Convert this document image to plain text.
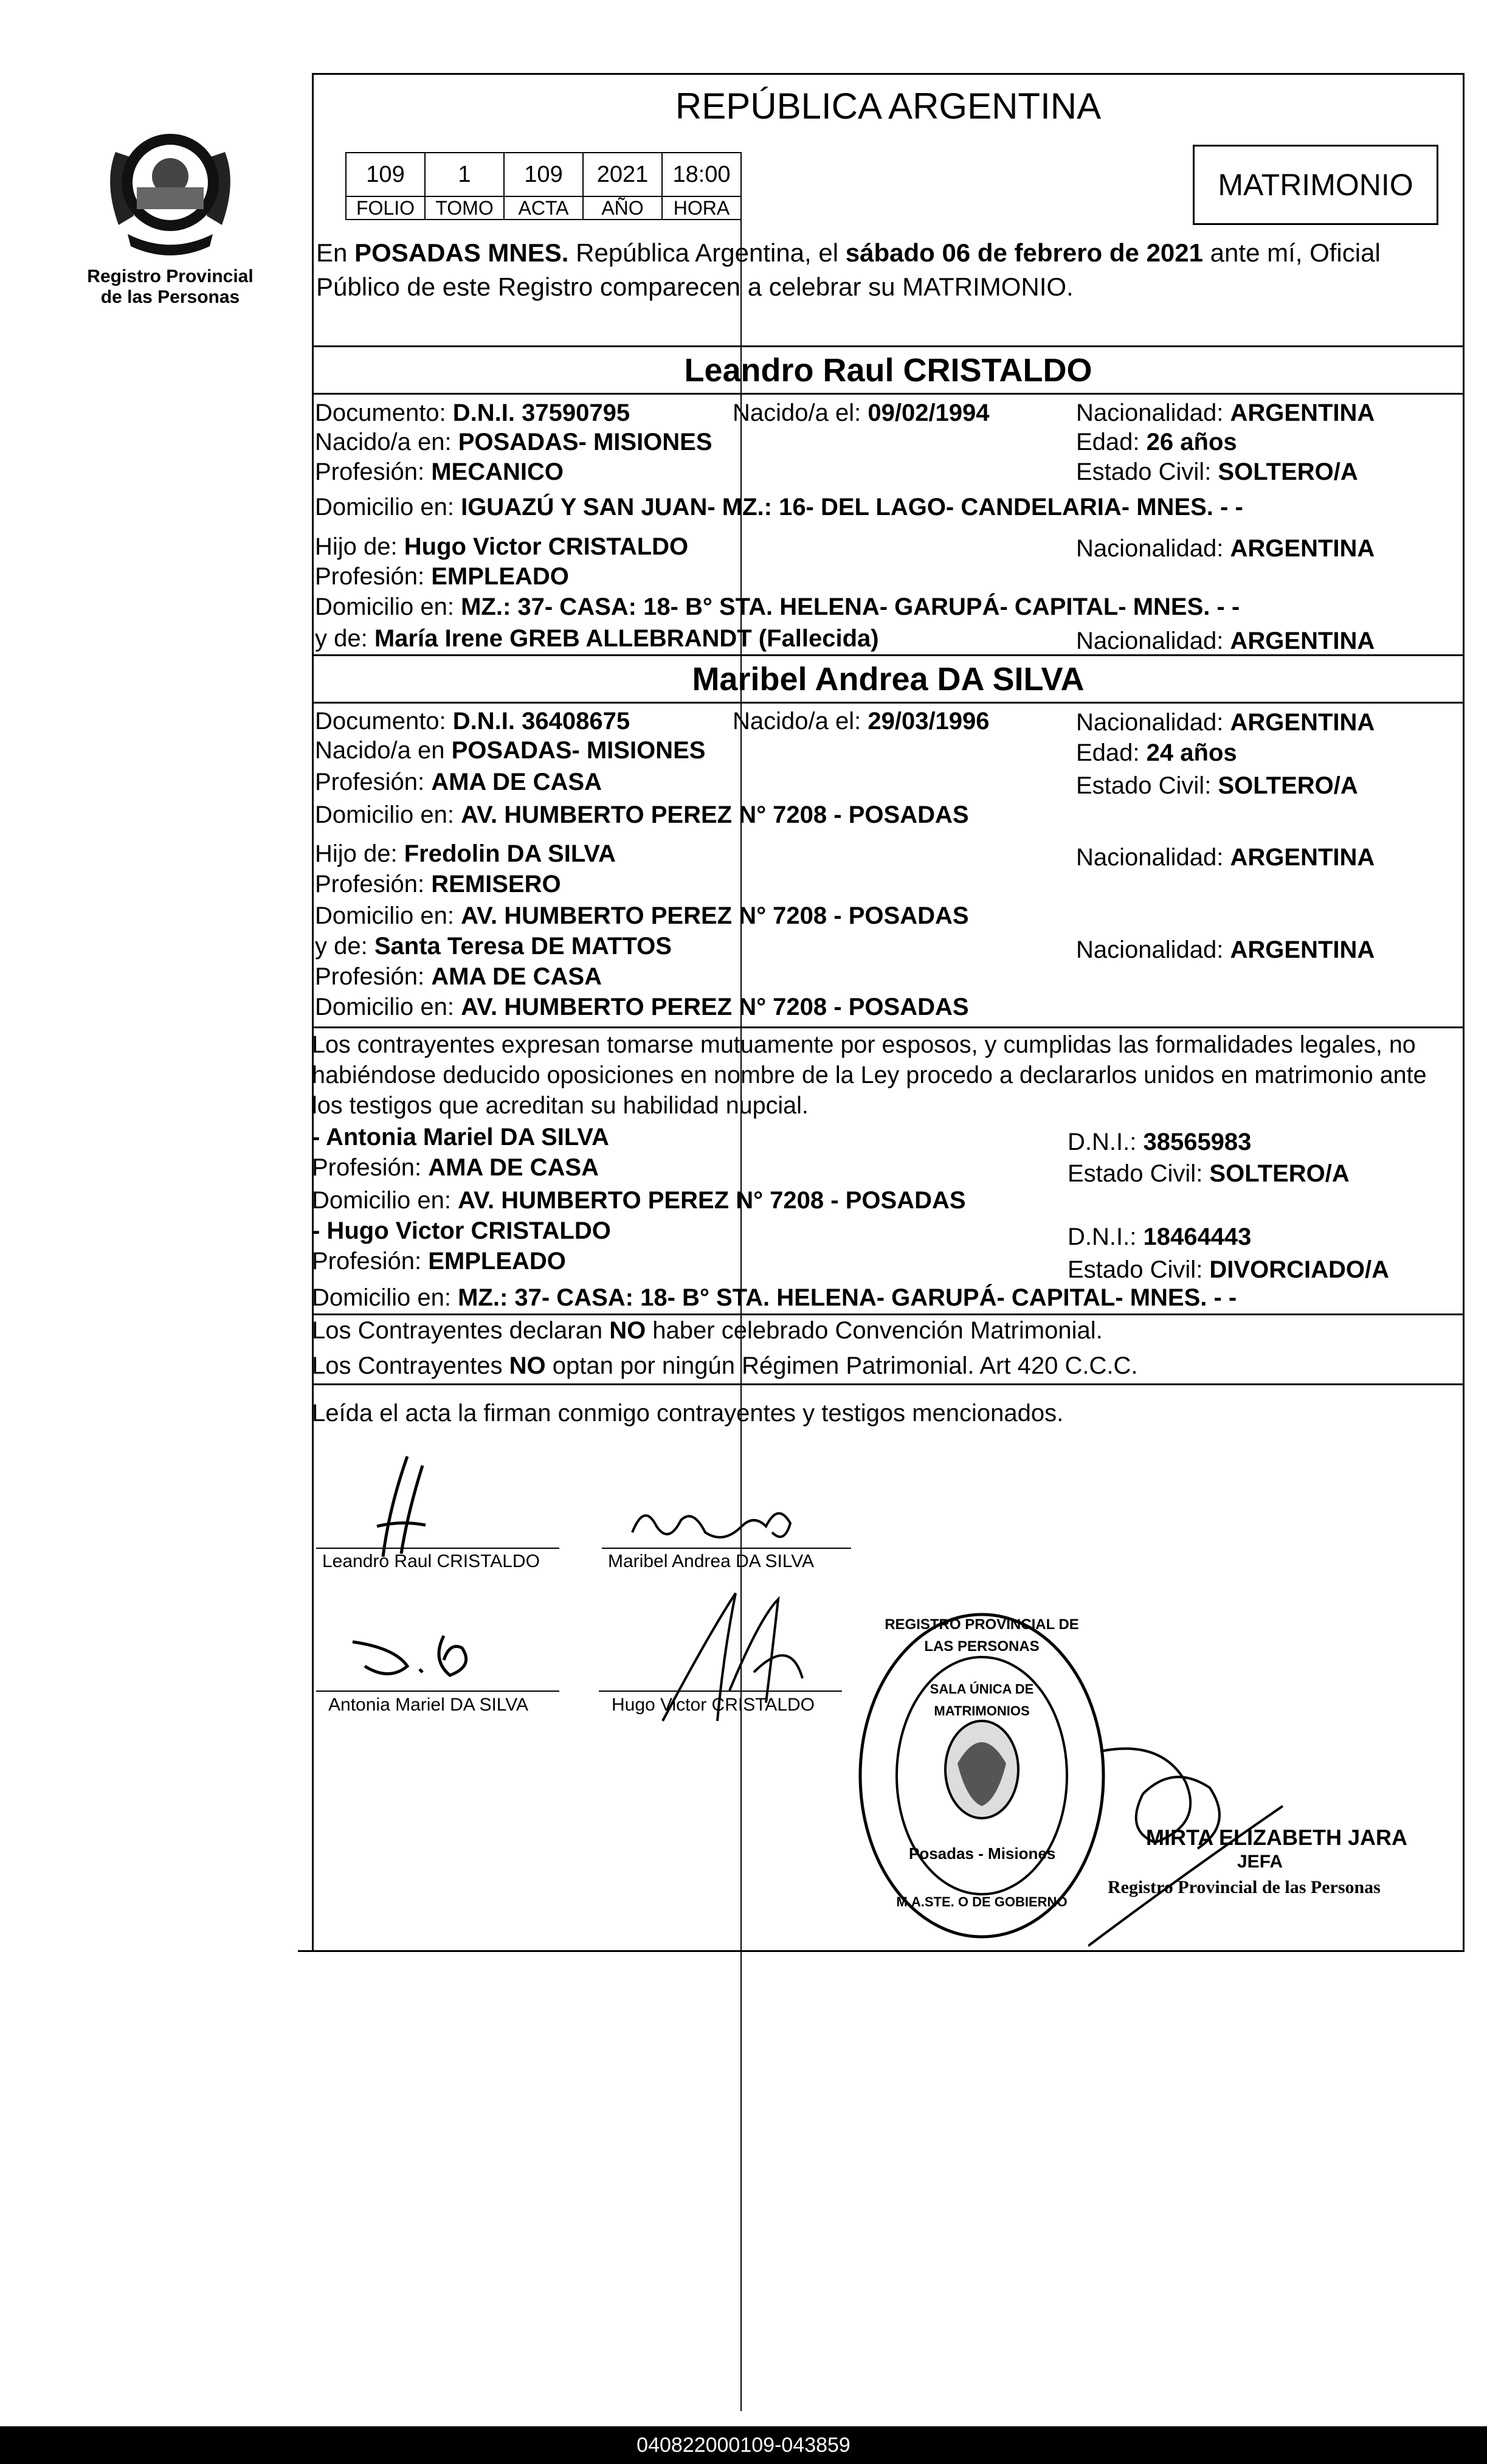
Registro Provincial
de las Personas
REPÚBLICA ARGENTINA
109	1	109	2021	18:00
FOLIO	TOMO	ACTA	AÑO	HORA
MATRIMONIO
En POSADAS MNES. República Argentina, el sábado 06 de febrero de 2021 ante mí, Oficial
Público de este Registro comparecen a celebrar su MATRIMONIO.
Leandro Raul CRISTALDO
Documento: D.N.I. 37590795	Nacido/a el: 09/02/1994	Nacionalidad: ARGENTINA
Nacido/a en: POSADAS- MISIONES	Edad: 26 años
Profesión: MECANICO	Estado Civil: SOLTERO/A
Domicilio en: IGUAZÚ Y SAN JUAN- MZ.: 16- DEL LAGO- CANDELARIA- MNES. - -
Hijo de: Hugo Victor CRISTALDO	Nacionalidad: ARGENTINA
Profesión: EMPLEADO
Domicilio en: MZ.: 37- CASA: 18- B° STA. HELENA- GARUPÁ- CAPITAL- MNES. - -
y de: María Irene GREB ALLEBRANDT (Fallecida)	Nacionalidad: ARGENTINA
Maribel Andrea DA SILVA
Documento: D.N.I. 36408675	Nacido/a el: 29/03/1996	Nacionalidad: ARGENTINA
Nacido/a en POSADAS- MISIONES	Edad: 24 años
Profesión: AMA DE CASA	Estado Civil: SOLTERO/A
Domicilio en: AV. HUMBERTO PEREZ N° 7208 - POSADAS
Hijo de: Fredolin DA SILVA	Nacionalidad: ARGENTINA
Profesión: REMISERO
Domicilio en: AV. HUMBERTO PEREZ N° 7208 - POSADAS
y de: Santa Teresa DE MATTOS	Nacionalidad: ARGENTINA
Profesión: AMA DE CASA
Domicilio en: AV. HUMBERTO PEREZ N° 7208 - POSADAS
Los contrayentes expresan tomarse mutuamente por esposos, y cumplidas las formalidades legales, no
habiéndose deducido oposiciones en nombre de la Ley procedo a declararlos unidos en matrimonio ante
los testigos que acreditan su habilidad nupcial.
- Antonia Mariel DA SILVA	D.N.I.: 38565983
Profesión: AMA DE CASA	Estado Civil: SOLTERO/A
Domicilio en: AV. HUMBERTO PEREZ N° 7208 - POSADAS
- Hugo Victor CRISTALDO	D.N.I.: 18464443
Profesión: EMPLEADO	Estado Civil: DIVORCIADO/A
Domicilio en: MZ.: 37- CASA: 18- B° STA. HELENA- GARUPÁ- CAPITAL- MNES. - -
Los Contrayentes declaran NO haber celebrado Convención Matrimonial.
Los Contrayentes NO optan por ningún Régimen Patrimonial. Art 420 C.C.C.
Leída el acta la firman conmigo contrayentes y testigos mencionados.
Leandro Raul CRISTALDO	Maribel Andrea DA SILVA
Antonia Mariel DA SILVA	Hugo Victor CRISTALDO
REGISTRO PROVINCIAL DE LAS PERSONAS
SALA ÚNICA DE MATRIMONIOS
Posadas - Misiones
M.A.STE. O DE GOBIERNO
MIRTA ELIZABETH JARA
JEFA
Registro Provincial de las Personas
040822000109-043859
